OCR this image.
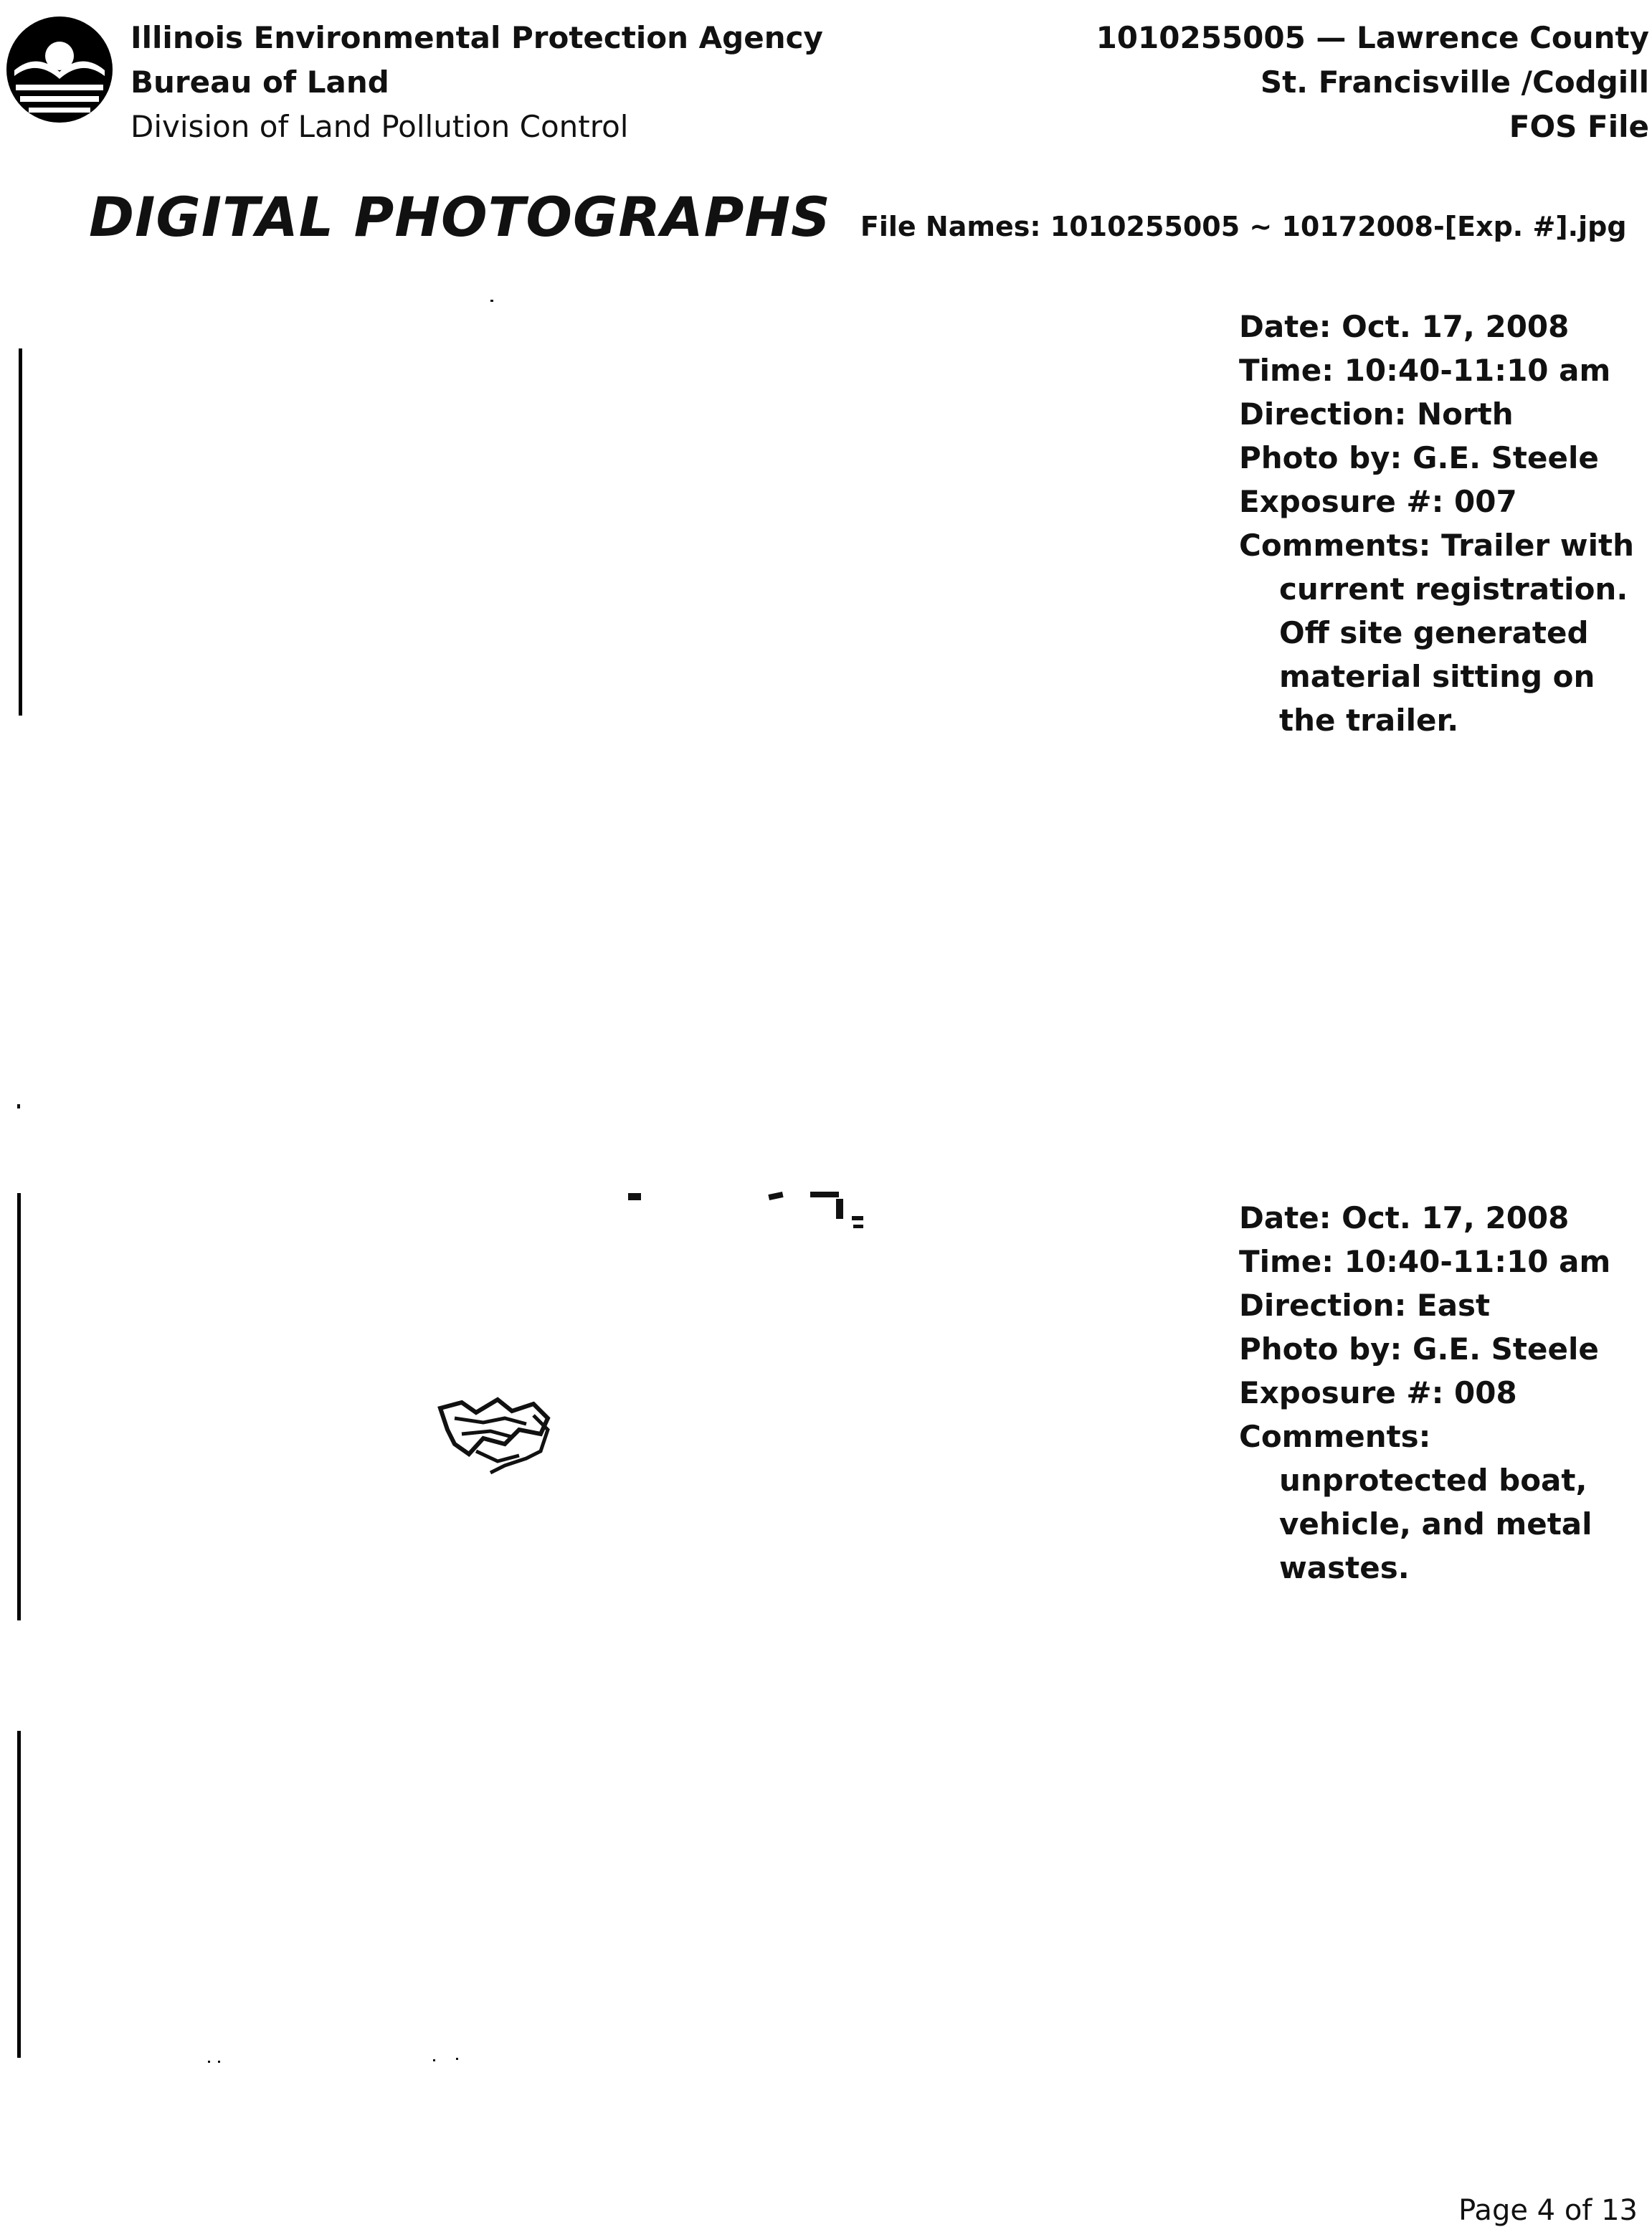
Illinois Environmental Protection Agency
Bureau of Land
Division of Land Pollution Control
1010255005 — Lawrence County
St. Francisville /Codgill
FOS File
DIGITAL PHOTOGRAPHS File Names: 1010255005 ~ 10172008-[Exp. #].jpg
Date: Oct. 17, 2008
Time: 10:40-11:10 am
Direction: North
Photo by: G.E. Steele
Exposure #: 007
Comments: Trailer with
current registration.
Off site generated
material sitting on
the trailer.
Date: Oct. 17, 2008
Time: 10:40-11:10 am
Direction: East
Photo by: G.E. Steele
Exposure #: 008
Comments:
unprotected boat,
vehicle, and metal
wastes.
Page 4 of 13
